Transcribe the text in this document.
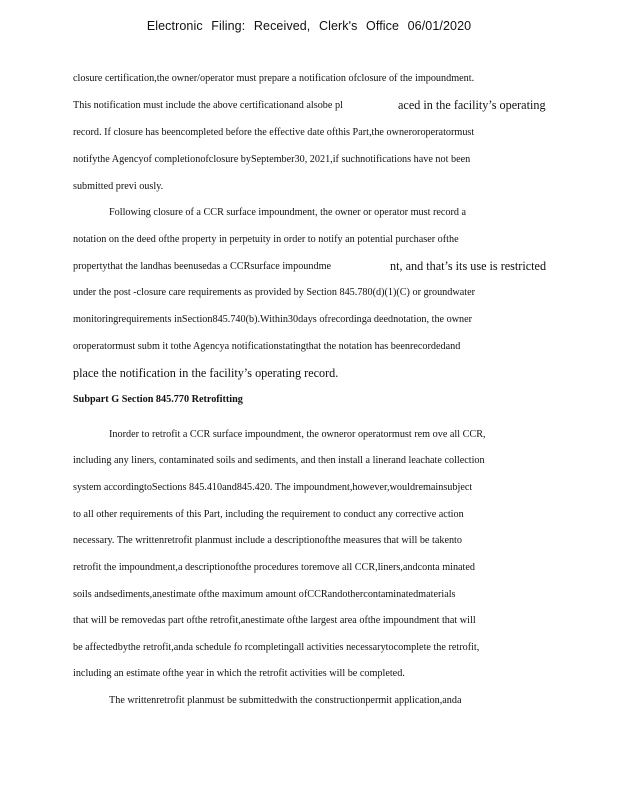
Electronic Filing: Received, Clerk's Office 06/01/2020
closure certification,the owner/operator must prepare a notification ofclosure of the impoundment.
This notification must include the above certificationand alsobe pl	aced in the facility’s operating
record. If closure has beencompleted before the effective date ofthis Part,the owneroroperatormust
notifythe Agencyof completionofclosure bySeptember30, 2021,if suchnotifications have not been
submitted previ ously.
Following closure of a CCR surface impoundment, the owner or operator must record a
notation on the deed ofthe property in perpetuity in order to notify an potential purchaser ofthe
propertythat the landhas beenusedas a CCRsurface impoundme	nt, and that’s its use is restricted
under the post -closure care requirements as provided by Section 845.780(d)(1)(C) or groundwater
monitoringrequirements inSection845.740(b).Within30days ofrecordinga deednotation, the owner
oroperatormust subm it tothe Agencya notificationstatingthat the notation has beenrecordedand
place the notification in the facility’s operating record.
Subpart G Section 845.770 Retrofitting
Inorder to retrofit a CCR surface impoundment, the owneror operatormust rem ove all CCR,
including any liners, contaminated soils and sediments, and then install a linerand leachate collection
system accordingtoSections 845.410and845.420. The impoundment,however,wouldremainsubject
to all other requirements of this Part, including the requirement to conduct any corrective action
necessary. The writtenretrofit planmust include a descriptionofthe measures that will be takento
retrofit the impoundment,a descriptionofthe procedures toremove all CCR,liners,andconta minated
soils andsediments,anestimate ofthe maximum amount ofCCRandothercontaminatedmaterials
that will be removedas part ofthe retrofit,anestimate ofthe largest area ofthe impoundment that will
be affectedbythe retrofit,anda schedule fo rcompletingall activities necessarytocomplete the retrofit,
including an estimate ofthe year in which the retrofit activities will be completed.
The writtenretrofit planmust be submittedwith the constructionpermit application,anda
